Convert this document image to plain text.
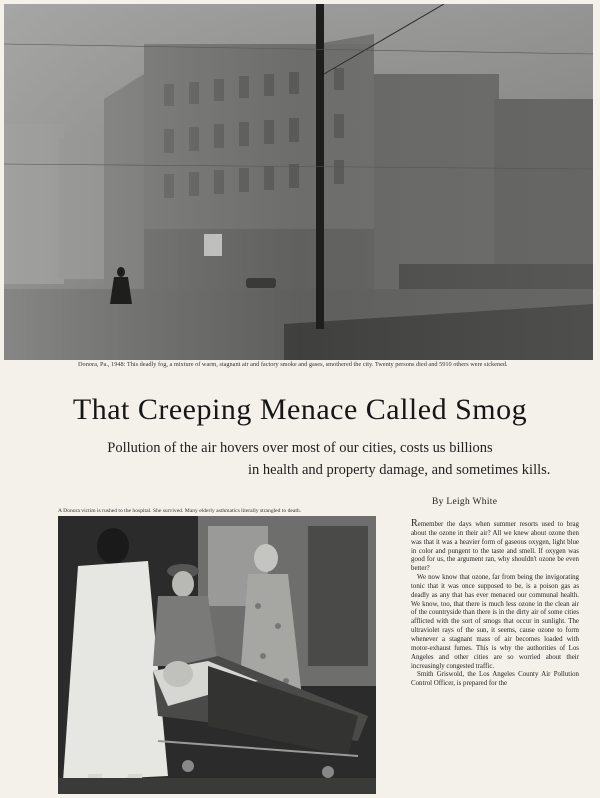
Donora, Pa., 1948: This deadly fog, a mixture of warm, stagnant air and factory smoke and gases, smothered the city. Twenty persons died and 5910 others were sickened.
That Creeping Menace Called Smog
Pollution of the air hovers over most of our cities, costs us billions
in health and property damage, and sometimes kills.
A Donora victim is rushed to the hospital. She survived. Many elderly asthmatics literally strangled to death.
By Leigh White

Remember the days when summer resorts used to brag about the ozone in their air? All we knew about ozone then was that it was a heavier form of gaseous oxygen, light blue in color and pungent to the taste and smell. If oxygen was good for us, the argument ran, why shouldn't ozone be even better?

We now know that ozone, far from being the invigorating tonic that it was once supposed to be, is a poison gas as deadly as any that has ever menaced our communal health. We know, too, that there is much less ozone in the clean air of the countryside than there is in the dirty air of some cities afflicted with the sort of smogs that occur in sunlight. The ultraviolet rays of the sun, it seems, cause ozone to form whenever a stagnant mass of air becomes loaded with motor-exhaust fumes. This is why the authorities of Los Angeles and other cities are so worried about their increasingly congested traffic.

Smith Griswold, the Los Angeles County Air Pollution Control Officer, is prepared for the
